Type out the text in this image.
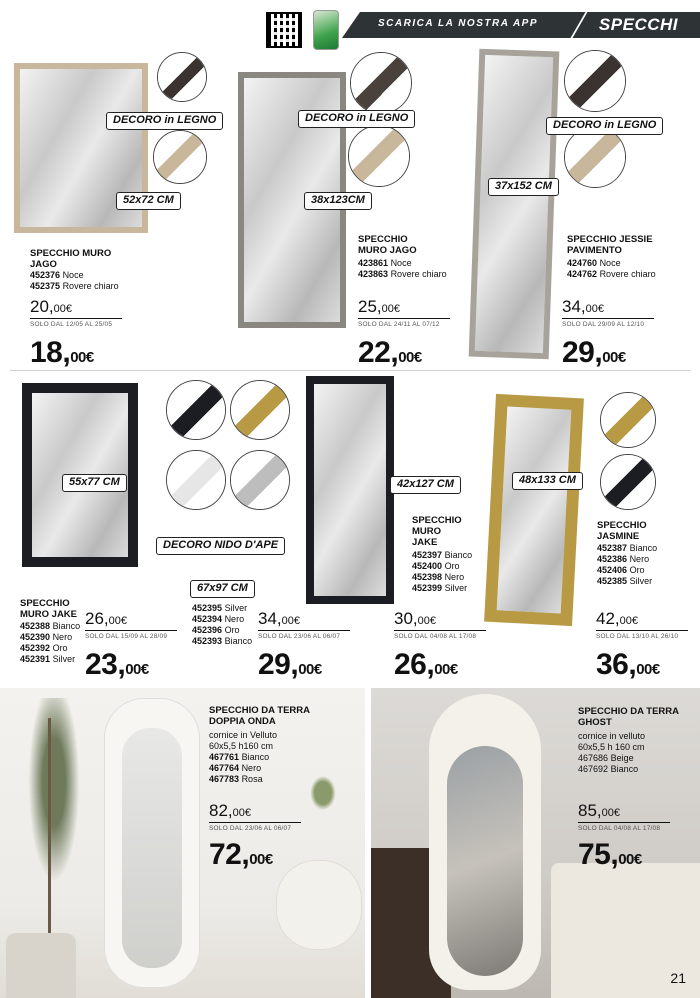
SCARICA LA NOSTRA APP	SPECCHI
DECORO in LEGNO
52x72 CM
SPECCHIO MURO
JAGO
452376 Noce
452375 Rovere chiaro
20,00€
SOLO DAL 12/05 AL 25/05
18,00€
DECORO in LEGNO
38x123CM
SPECCHIO
MURO JAGO
423861 Noce
423863 Rovere chiaro
25,00€
SOLO DAL 24/11 AL 07/12
22,00€
DECORO in LEGNO
37x152 CM
SPECCHIO JESSIE
PAVIMENTO
424760 Noce
424762 Rovere chiaro
34,00€
SOLO DAL 29/09 AL 12/10
29,00€
55x77 CM
DECORO NIDO D'APE
SPECCHIO
MURO JAKE
452388 Bianco
452390 Nero
452392 Oro
452391 Silver
26,00€
SOLO DAL 15/09 AL 28/09
23,00€
67x97 CM
452395 Silver
452394 Nero
452396 Oro
452393 Bianco
34,00€
SOLO DAL 23/06 AL 06/07
29,00€
42x127 CM
SPECCHIO
MURO
JAKE
452397 Bianco
452400 Oro
452398 Nero
452399 Silver
30,00€
SOLO DAL 04/08 AL 17/08
26,00€
48x133 CM
SPECCHIO
JASMINE
452387 Bianco
452386 Nero
452406 Oro
452385 Silver
42,00€
SOLO DAL 13/10 AL 26/10
36,00€
SPECCHIO DA TERRA
DOPPIA ONDA
cornice in Velluto
60x5,5 h160 cm
467761 Bianco
467764 Nero
467783 Rosa
82,00€
SOLO DAL 23/06 AL 06/07
72,00€
SPECCHIO DA TERRA
GHOST
cornice in velluto
60x5,5 h 160 cm
467686 Beige
467692 Bianco
85,00€
SOLO DAL 04/08 AL 17/08
75,00€
21
